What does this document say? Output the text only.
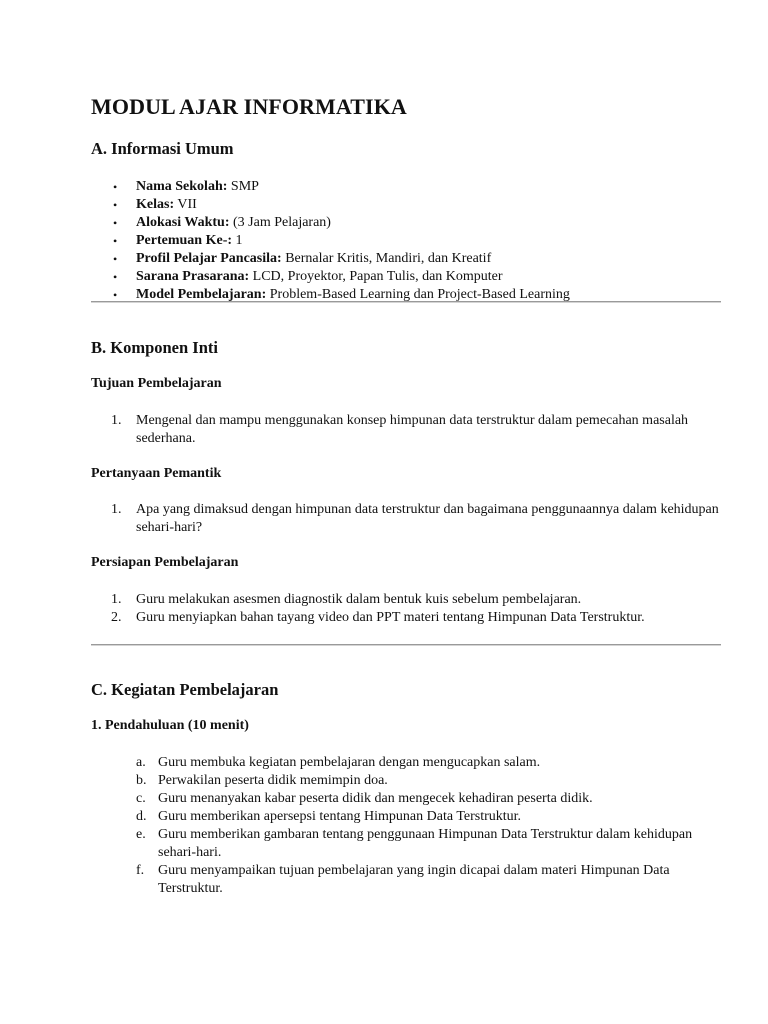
MODUL AJAR INFORMATIKA
A. Informasi Umum
• Nama Sekolah: SMP
• Kelas: VII
• Alokasi Waktu: (3 Jam Pelajaran)
• Pertemuan Ke-: 1
• Profil Pelajar Pancasila: Bernalar Kritis, Mandiri, dan Kreatif
• Sarana Prasarana: LCD, Proyektor, Papan Tulis, dan Komputer
• Model Pembelajaran: Problem-Based Learning dan Project-Based Learning
B. Komponen Inti
Tujuan Pembelajaran
1. Mengenal dan mampu menggunakan konsep himpunan data terstruktur dalam pemecahan masalah sederhana.
Pertanyaan Pemantik
1. Apa yang dimaksud dengan himpunan data terstruktur dan bagaimana penggunaannya dalam kehidupan sehari-hari?
Persiapan Pembelajaran
1. Guru melakukan asesmen diagnostik dalam bentuk kuis sebelum pembelajaran.
2. Guru menyiapkan bahan tayang video dan PPT materi tentang Himpunan Data Terstruktur.
C. Kegiatan Pembelajaran
1. Pendahuluan (10 menit)
a. Guru membuka kegiatan pembelajaran dengan mengucapkan salam.
b. Perwakilan peserta didik memimpin doa.
c. Guru menanyakan kabar peserta didik dan mengecek kehadiran peserta didik.
d. Guru memberikan apersepsi tentang Himpunan Data Terstruktur.
e. Guru memberikan gambaran tentang penggunaan Himpunan Data Terstruktur dalam kehidupan sehari-hari.
f. Guru menyampaikan tujuan pembelajaran yang ingin dicapai dalam materi Himpunan Data Terstruktur.
